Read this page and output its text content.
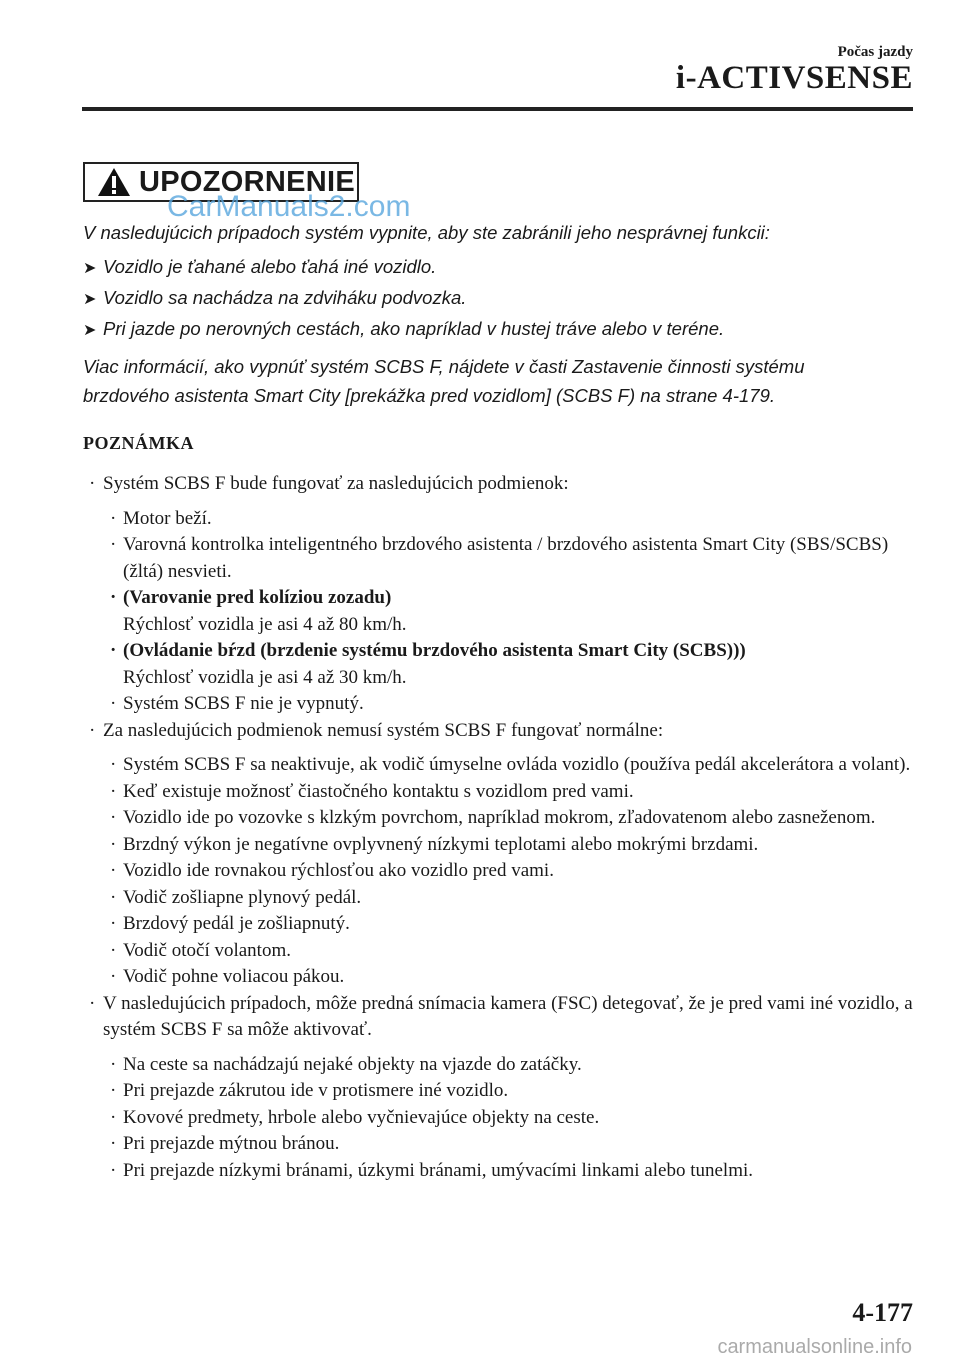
Počas jazdy
i-ACTIVSENSE
UPOZORNENIE
CarManuals2.com
V nasledujúcich prípadoch systém vypnite, aby ste zabránili jeho nesprávnej funkcii:
➤ Vozidlo je ťahané alebo ťahá iné vozidlo.
➤ Vozidlo sa nachádza na zdviháku podvozka.
➤ Pri jazde po nerovných cestách, ako napríklad v hustej tráve alebo v teréne.
Viac informácií, ako vypnúť systém SCBS F, nájdete v časti Zastavenie činnosti systému brzdového asistenta Smart City [prekážka pred vozidlom] (SCBS F) na strane 4-179.
POZNÁMKA
· Systém SCBS F bude fungovať za nasledujúcich podmienok:
· Motor beží.
· Varovná kontrolka inteligentného brzdového asistenta / brzdového asistenta Smart City (SBS/SCBS) (žltá) nesvieti.
· (Varovanie pred kolíziou zozadu)
Rýchlosť vozidla je asi 4 až 80 km/h.
· (Ovládanie bŕzd (brzdenie systému brzdového asistenta Smart City (SCBS)))
Rýchlosť vozidla je asi 4 až 30 km/h.
· Systém SCBS F nie je vypnutý.
· Za nasledujúcich podmienok nemusí systém SCBS F fungovať normálne:
· Systém SCBS F sa neaktivuje, ak vodič úmyselne ovláda vozidlo (používa pedál akcelerátora a volant).
· Keď existuje možnosť čiastočného kontaktu s vozidlom pred vami.
· Vozidlo ide po vozovke s klzkým povrchom, napríklad mokrom, zľadovatenom alebo zasneženom.
· Brzdný výkon je negatívne ovplyvnený nízkymi teplotami alebo mokrými brzdami.
· Vozidlo ide rovnakou rýchlosťou ako vozidlo pred vami.
· Vodič zošliapne plynový pedál.
· Brzdový pedál je zošliapnutý.
· Vodič otočí volantom.
· Vodič pohne voliacou pákou.
· V nasledujúcich prípadoch, môže predná snímacia kamera (FSC) detegovať, že je pred vami iné vozidlo, a systém SCBS F sa môže aktivovať.
· Na ceste sa nachádzajú nejaké objekty na vjazde do zatáčky.
· Pri prejazde zákrutou ide v protismere iné vozidlo.
· Kovové predmety, hrbole alebo vyčnievajúce objekty na ceste.
· Pri prejazde mýtnou bránou.
· Pri prejazde nízkymi bránami, úzkymi bránami, umývacími linkami alebo tunelmi.
4-177
carmanualsonline.info
